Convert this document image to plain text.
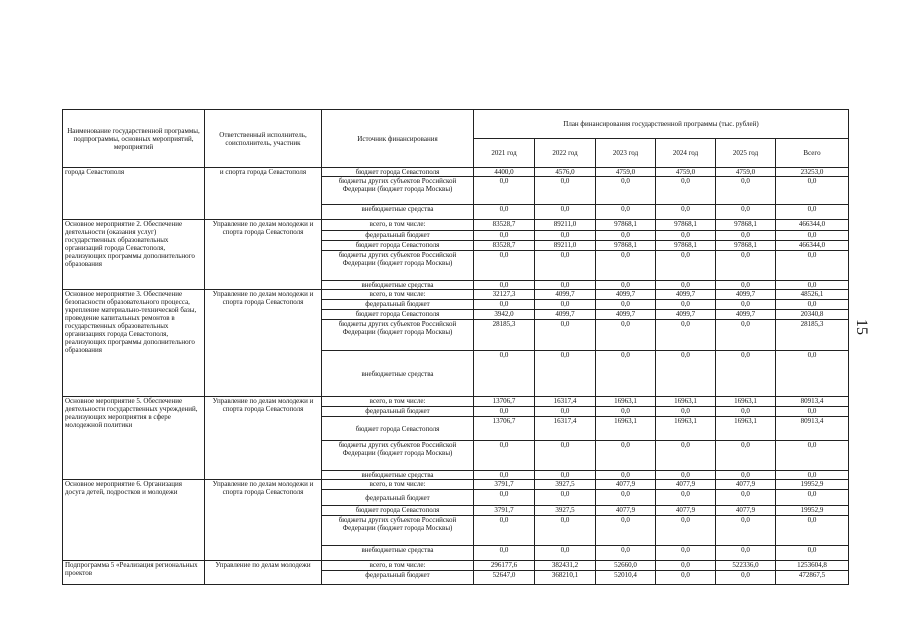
Наименование государственной программы, подпрограммы, основных мероприятий, мероприятий	Ответственный исполнитель, соисполнитель, участник	Источник финансирования	План финансирования государственной программы (тыс. рублей)					
			2021 год	2022 год	2023 год	2024 год	2025 год	Всего
города Севастополя	и спорта города Севастополя	бюджет города Севастополя	4400,0	4576,0	4759,0	4759,0	4759,0	23253,0
		бюджеты других субъектов Российской Федерации (бюджет города Москвы)	0,0	0,0	0,0	0,0	0,0	0,0
		внебюджетные средства	0,0	0,0	0,0	0,0	0,0	0,0
Основное мероприятие 2. Обеспечение деятельности (оказания услуг) государственных образовательных организаций города Севастополя, реализующих программы дополнительного образования	Управление по делам молодежи и спорта города Севастополя	всего, в том числе:	83528,7	89211,0	97868,1	97868,1	97868,1	466344,0
		федеральный бюджет	0,0	0,0	0,0	0,0	0,0	0,0
		бюджет города Севастополя	83528,7	89211,0	97868,1	97868,1	97868,1	466344,0
		бюджеты других субъектов Российской Федерации (бюджет города Москвы)	0,0	0,0	0,0	0,0	0,0	0,0
		внебюджетные средства	0,0	0,0	0,0	0,0	0,0	0,0
Основное мероприятие 3. Обеспечение безопасности образовательного процесса, укрепление материально-технической базы, проведение капитальных ремонтов в государственных образовательных организациях города Севастополя, реализующих программы дополнительного образования	Управление по делам молодежи и спорта города Севастополя	всего, в том числе:	32127,3	4099,7	4099,7	4099,7	4099,7	48526,1
		федеральный бюджет	0,0	0,0	0,0	0,0	0,0	0,0
		бюджет города Севастополя	3942,0	4099,7	4099,7	4099,7	4099,7	20340,8
		бюджеты других субъектов Российской Федерации (бюджет города Москвы)	28185,3	0,0	0,0	0,0	0,0	28185,3
		внебюджетные средства	0,0	0,0	0,0	0,0	0,0	0,0
Основное мероприятие 5. Обеспечение деятельности государственных учреждений, реализующих мероприятия в сфере молодежной политики	Управление по делам молодежи и спорта города Севастополя	всего, в том числе:	13706,7	16317,4	16963,1	16963,1	16963,1	80913,4
		федеральный бюджет	0,0	0,0	0,0	0,0	0,0	0,0
		бюджет города Севастополя	13706,7	16317,4	16963,1	16963,1	16963,1	80913,4
		бюджеты других субъектов Российской Федерации (бюджет города Москвы)	0,0	0,0	0,0	0,0	0,0	0,0
		внебюджетные средства	0,0	0,0	0,0	0,0	0,0	0,0
Основное мероприятие 6. Организация досуга детей, подростков и молодежи	Управление по делам молодежи и спорта города Севастополя	всего, в том числе:	3791,7	3927,5	4077,9	4077,9	4077,9	19952,9
		федеральный бюджет	0,0	0,0	0,0	0,0	0,0	0,0
		бюджет города Севастополя	3791,7	3927,5	4077,9	4077,9	4077,9	19952,9
		бюджеты других субъектов Российской Федерации (бюджет города Москвы)	0,0	0,0	0,0	0,0	0,0	0,0
		внебюджетные средства	0,0	0,0	0,0	0,0	0,0	0,0
Подпрограмма 5 «Реализация региональных проектов	Управление по делам молодежи	всего, в том числе:	296177,6	382431,2	52660,0	0,0	522336,0	1253604,8
		федеральный бюджет	52647,0	368210,1	52010,4	0,0	0,0	472867,5
15
